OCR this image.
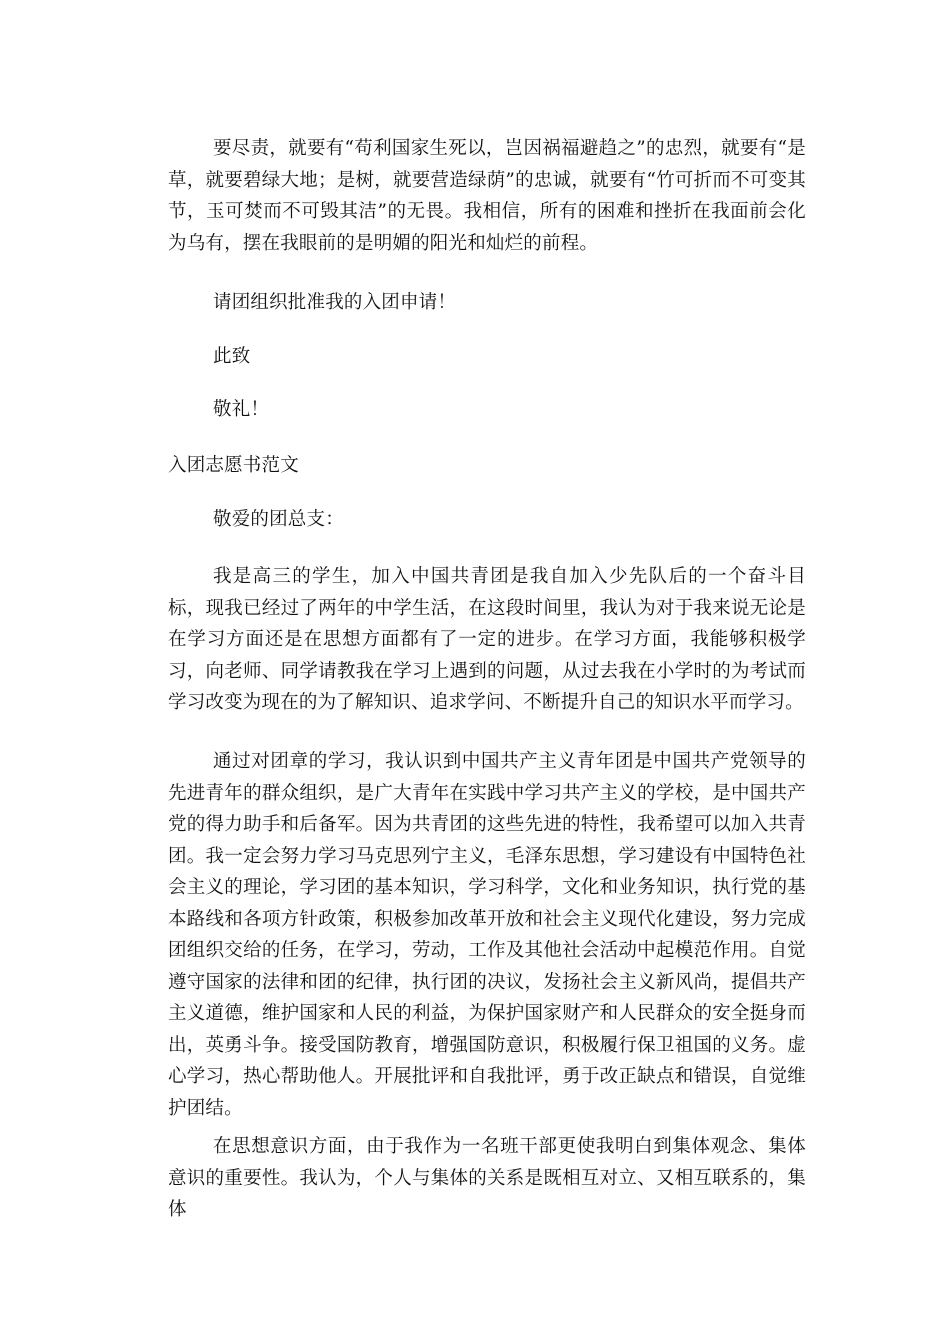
要尽责，就要有“苟利国家生死以，岂因祸福避趋之”的忠烈，就要有“是草，就要碧绿大地；是树，就要营造绿荫”的忠诚，就要有“竹可折而不可变其节，玉可焚而不可毁其洁”的无畏。我相信，所有的困难和挫折在我面前会化为乌有，摆在我眼前的是明媚的阳光和灿烂的前程。

请团组织批准我的入团申请！

此致

敬礼！

入团志愿书范文

敬爱的团总支：

我是高三的学生，加入中国共青团是我自加入少先队后的一个奋斗目标，现我已经过了两年的中学生活，在这段时间里，我认为对于我来说无论是在学习方面还是在思想方面都有了一定的进步。在学习方面，我能够积极学习，向老师、同学请教我在学习上遇到的问题，从过去我在小学时的为考试而学习改变为现在的为了解知识、追求学问、不断提升自己的知识水平而学习。

通过对团章的学习，我认识到中国共产主义青年团是中国共产党领导的先进青年的群众组织，是广大青年在实践中学习共产主义的学校，是中国共产党的得力助手和后备军。因为共青团的这些先进的特性，我希望可以加入共青团。我一定会努力学习马克思列宁主义，毛泽东思想，学习建设有中国特色社会主义的理论，学习团的基本知识，学习科学，文化和业务知识，执行党的基本路线和各项方针政策，积极参加改革开放和社会主义现代化建设，努力完成团组织交给的任务，在学习，劳动，工作及其他社会活动中起模范作用。自觉遵守国家的法律和团的纪律，执行团的决议，发扬社会主义新风尚，提倡共产主义道德，维护国家和人民的利益，为保护国家财产和人民群众的安全挺身而出，英勇斗争。接受国防教育，增强国防意识，积极履行保卫祖国的义务。虚心学习，热心帮助他人。开展批评和自我批评，勇于改正缺点和错误，自觉维护团结。

在思想意识方面，由于我作为一名班干部更使我明白到集体观念、集体意识的重要性。我认为，个人与集体的关系是既相互对立、又相互联系的，集体
